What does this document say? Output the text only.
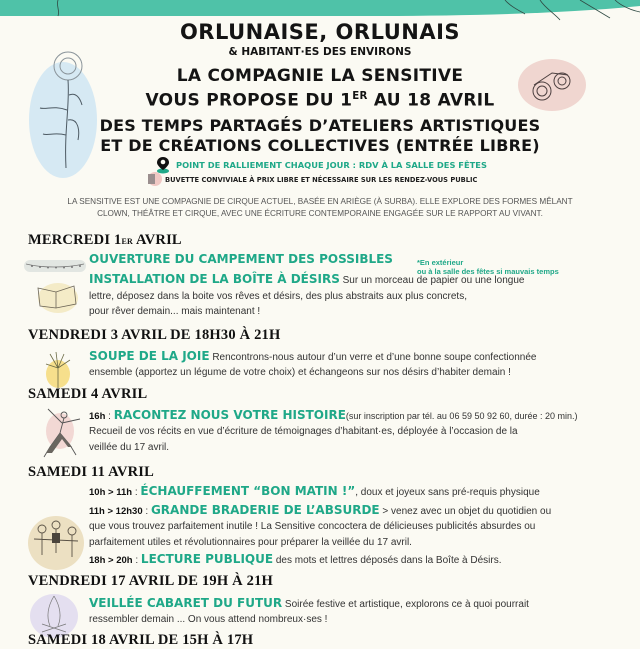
ORLUNAISE, ORLUNAIS
& HABITANT·ES DES ENVIRONS
LA COMPAGNIE LA SENSITIVE
VOUS PROPOSE DU 1ER AU 18 AVRIL
DES TEMPS PARTAGÉS D’ATELIERS ARTISTIQUES
ET DE CRÉATIONS COLLECTIVES (ENTRÉE LIBRE)
POINT DE RALLIEMENT CHAQUE JOUR : RDV À LA SALLE DES FÊTES
BUVETTE CONVIVIALE À PRIX LIBRE ET NÉCESSAIRE SUR LES RENDEZ-VOUS PUBLIC
LA SENSITIVE EST UNE COMPAGNIE DE CIRQUE ACTUEL, BASÉE EN ARIÈGE (À SURBA). ELLE EXPLORE DES FORMES MÊLANT
CLOWN, THÉÂTRE ET CIRQUE, AVEC UNE ÉCRITURE CONTEMPORAINE ENGAGÉE SUR LE RAPPORT AU VIVANT.
MERCREDI 1ER AVRIL
OUVERTURE DU CAMPEMENT DES POSSIBLES	*En extérieur
ou à la salle des fêtes si mauvais temps
INSTALLATION DE LA BOÎTE À DÉSIRS Sur un morceau de papier ou une longue
lettre, déposez dans la boite vos rêves et désirs, des plus abstraits aux plus concrets,
pour rêver demain... mais maintenant !
VENDREDI 3 AVRIL DE 18H30 À 21H
SOUPE DE LA JOIE Rencontrons-nous autour d’un verre et d’une bonne soupe confectionnée
ensemble (apportez un légume de votre choix) et échangeons sur nos désirs d’habiter demain !
SAMEDI 4 AVRIL
16h : RACONTEZ NOUS VOTRE HISTOIRE(sur inscription par tél. au 06 59 50 92 60, durée : 20 min.)
Recueil de vos récits en vue d’écriture de témoignages d’habitant·es, déployée à l’occasion de la
veillée du 17 avril.
SAMEDI 11 AVRIL
10h > 11h : ÉCHAUFFEMENT “BON MATIN !”, doux et joyeux sans pré-requis physique
11h > 12h30 : GRANDE BRADERIE DE L’ABSURDE > venez avec un objet du quotidien ou
que vous trouvez parfaitement inutile ! La Sensitive concoctera de délicieuses publicités absurdes ou
parfaitement utiles et révolutionnaires pour préparer la veillée du 17 avril.
18h > 20h : LECTURE PUBLIQUE des mots et lettres déposés dans la Boîte à Désirs.
VENDREDI 17 AVRIL DE 19H À 21H
VEILLÉE CABARET DU FUTUR Soirée festive et artistique, explorons ce à quoi pourrait
ressembler demain ... On vous attend nombreux·ses !
SAMEDI 18 AVRIL DE 15H À 17H
